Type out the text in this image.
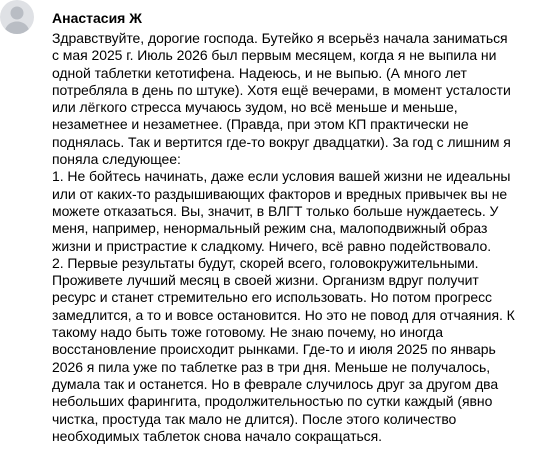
Анастасия Ж
Здравствуйте, дорогие господа. Бутейко я всерьёз начала заниматься
с мая 2025 г. Июль 2026 был первым месяцем, когда я не выпила ни
одной таблетки кетотифена. Надеюсь, и не выпью. (А много лет
потребляла в день по штуке). Хотя ещё вечерами, в момент усталости
или лёгкого стресса мучаюсь зудом, но всё меньше и меньше,
незаметнее и незаметнее. (Правда, при этом КП практически не
поднялась. Так и вертится где-то вокруг двадцатки). За год с лишним я
поняла следующее:
1. Не бойтесь начинать, даже если условия вашей жизни не идеальны
или от каких-то раздышивающих факторов и вредных привычек вы не
можете отказаться. Вы, значит, в ВЛГТ только больше нуждаетесь. У
меня, например, ненормальный режим сна, малоподвижный образ
жизни и пристрастие к сладкому. Ничего, всё равно подействовало.
2. Первые результаты будут, скорей всего, головокружительными.
Проживете лучший месяц в своей жизни. Организм вдруг получит
ресурс и станет стремительно его использовать. Но потом прогресс
замедлится, а то и вовсе остановится. Но это не повод для отчаяния. К
такому надо быть тоже готовому. Не знаю почему, но иногда
восстановление происходит рынками. Где-то и июля 2025 по январь
2026 я пила уже по таблетке раз в три дня. Меньше не получалось,
думала так и останется. Но в феврале случилось друг за другом два
небольших фарингита, продолжительностью по сутки каждый (явно
чистка, простуда так мало не длится). После этого количество
необходимых таблеток снова начало сокращаться.
